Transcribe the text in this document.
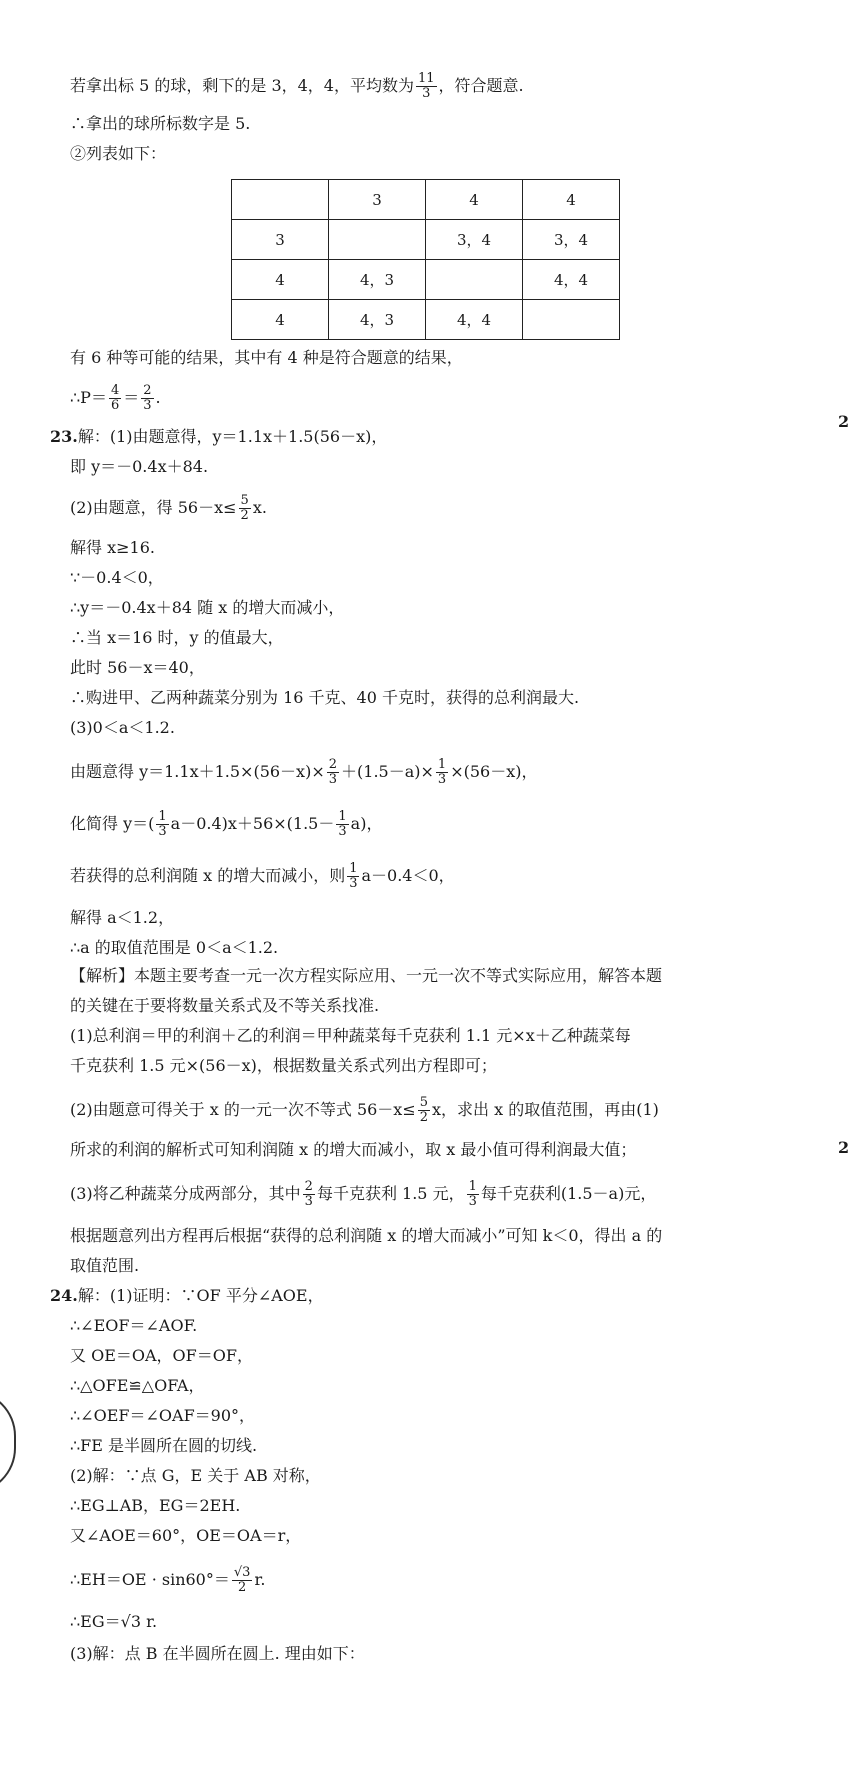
若拿出标 5 的球，剩下的是 3，4，4，平均数为 $\frac{11}{3}$ ，符合题意.
∴拿出的球所标数字是 5.
②列表如下：
	3	4	4
3		3，4	3，4
4	4，3		4，4
4	4，3	4，4	
有 6 种等可能的结果，其中有 4 种是符合题意的结果，
∴P＝ $\frac{4}{6} = \frac{2}{3}$ .
2
23.解：(1)由题意得，y＝1.1x＋1.5(56－x)，
即 y＝－0.4x＋84.
(2)由题意，得 $56-x\le \frac{5}{2} x$.
解得 x≥16.
∵－0.4＜0，
∴y＝－0.4x＋84 随 x 的增大而减小，
∴当 x＝16 时，y 的值最大，
此时 56－x＝40，
∴购进甲、乙两种蔬菜分别为 16 千克、40 千克时，获得的总利润最大.
(3)0＜a＜1.2.
由题意得 $y=1.1x+1.5\times(56-x)\times \frac{2}{3} +(1.5-a)\times \frac{1}{3} \times(56-x)$，
化简得 $y=( \frac{1}{3} a-0.4)x+56\times(1.5- \frac{1}{3} a)$，
若获得的总利润随 x 的增大而减小，则 $\frac{1}{3} a-0.4<0$，
解得 a＜1.2，
∴a 的取值范围是 0＜a＜1.2.
【解析】本题主要考查一元一次方程实际应用、一元一次不等式实际应用，解答本题
的关键在于要将数量关系式及不等关系找准.
(1)总利润＝甲的利润＋乙的利润＝甲种蔬菜每千克获利 1.1 元×x＋乙种蔬菜每
千克获利 1.5 元×(56－x)，根据数量关系式列出方程即可；
(2)由题意可得关于 x 的一元一次不等式 $56-x\le \frac{5}{2}$ x，求出 x 的取值范围，再由(1)
所求的利润的解析式可知利润随 x 的增大而减小，取 x 最小值可得利润最大值；	2
(3)将乙种蔬菜分成两部分，其中 $\frac{2}{3}$ 每千克获利 1.5 元， $\frac{1}{3}$ 每千克获利(1.5－a)元，
根据题意列出方程再后根据“获得的总利润随 x 的增大而减小”可知 k＜0，得出 a 的
取值范围.
24.解：(1)证明：∵OF 平分∠AOE，
∴∠EOF＝∠AOF.
又 OE＝OA，OF＝OF，
∴△OFE≌△OFA，
∴∠OEF＝∠OAF＝90°，
∴FE 是半圆所在圆的切线.
(2)解：∵点 G，E 关于 AB 对称，
∴EG⊥AB，EG＝2EH.
又∠AOE＝60°，OE＝OA＝r，
∴EH＝OE · $\sin 60^\circ= \frac{√3}{2} r$.
∴EG＝√3 r.
(3)解：点 B 在半圆所在圆上. 理由如下：
